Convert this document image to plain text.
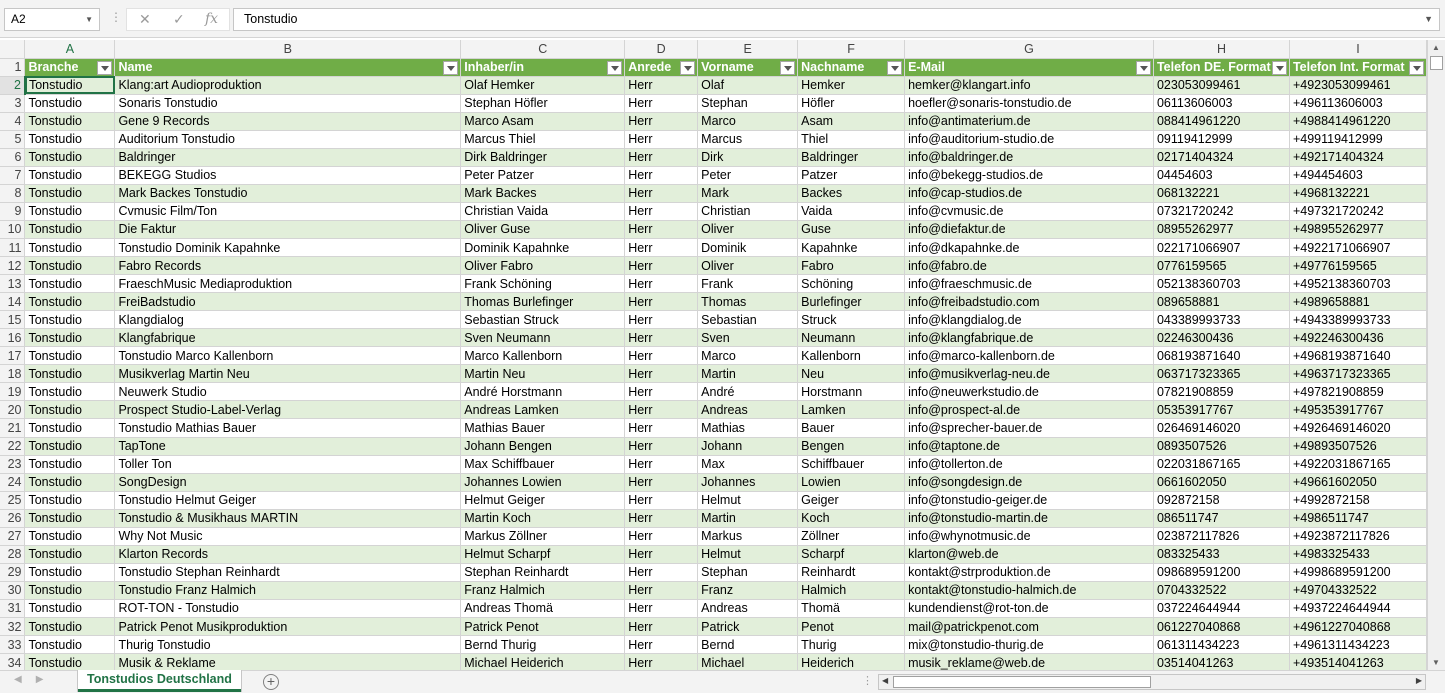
A2	▼ ⋮ ✕ ✓ fx	Tonstudio	▼
	A	B	C	D	E	F	G	H	I
1	Branche	Name	Inhaber/in	Anrede	Vorname	Nachname	E-Mail	Telefon DE. Format	Telefon Int. Format

2	Tonstudio	Klang:art Audioproduktion	Olaf Hemker	Herr	Olaf	Hemker	hemker@klangart.info	023053099461	+4923053099461
3	Tonstudio	Sonaris Tonstudio	Stephan Höfler	Herr	Stephan	Höfler	hoefler@sonaris-tonstudio.de	06113606003	+496113606003
4	Tonstudio	Gene 9 Records	Marco Asam	Herr	Marco	Asam	info@antimaterium.de	088414961220	+4988414961220
5	Tonstudio	Auditorium Tonstudio	Marcus Thiel	Herr	Marcus	Thiel	info@auditorium-studio.de	09119412999	+499119412999
6	Tonstudio	Baldringer	Dirk Baldringer	Herr	Dirk	Baldringer	info@baldringer.de	02171404324	+492171404324
7	Tonstudio	BEKEGG Studios	Peter Patzer	Herr	Peter	Patzer	info@bekegg-studios.de	04454603	+494454603
8	Tonstudio	Mark Backes Tonstudio	Mark Backes	Herr	Mark	Backes	info@cap-studios.de	068132221	+4968132221
9	Tonstudio	Cvmusic Film/Ton	Christian Vaida	Herr	Christian	Vaida	info@cvmusic.de	07321720242	+497321720242
10	Tonstudio	Die Faktur	Oliver Guse	Herr	Oliver	Guse	info@diefaktur.de	08955262977	+498955262977
11	Tonstudio	Tonstudio Dominik Kapahnke	Dominik Kapahnke	Herr	Dominik	Kapahnke	info@dkapahnke.de	022171066907	+4922171066907
12	Tonstudio	Fabro Records	Oliver Fabro	Herr	Oliver	Fabro	info@fabro.de	0776159565	+49776159565
13	Tonstudio	FraeschMusic Mediaproduktion	Frank Schöning	Herr	Frank	Schöning	info@fraeschmusic.de	052138360703	+4952138360703
14	Tonstudio	FreiBadstudio	Thomas Burlefinger	Herr	Thomas	Burlefinger	info@freibadstudio.com	089658881	+4989658881
15	Tonstudio	Klangdialog	Sebastian Struck	Herr	Sebastian	Struck	info@klangdialog.de	043389993733	+4943389993733
16	Tonstudio	Klangfabrique	Sven Neumann	Herr	Sven	Neumann	info@klangfabrique.de	02246300436	+492246300436
17	Tonstudio	Tonstudio Marco Kallenborn	Marco Kallenborn	Herr	Marco	Kallenborn	info@marco-kallenborn.de	068193871640	+4968193871640
18	Tonstudio	Musikverlag Martin Neu	Martin Neu	Herr	Martin	Neu	info@musikverlag-neu.de	063717323365	+4963717323365
19	Tonstudio	Neuwerk Studio	André Horstmann	Herr	André	Horstmann	info@neuwerkstudio.de	07821908859	+497821908859
20	Tonstudio	Prospect Studio-Label-Verlag	Andreas Lamken	Herr	Andreas	Lamken	info@prospect-al.de	05353917767	+495353917767
21	Tonstudio	Tonstudio Mathias Bauer	Mathias Bauer	Herr	Mathias	Bauer	info@sprecher-bauer.de	026469146020	+4926469146020
22	Tonstudio	TapTone	Johann Bengen	Herr	Johann	Bengen	info@taptone.de	0893507526	+49893507526
23	Tonstudio	Toller Ton	Max Schiffbauer	Herr	Max	Schiffbauer	info@tollerton.de	022031867165	+4922031867165
24	Tonstudio	SongDesign	Johannes Lowien	Herr	Johannes	Lowien	info@songdesign.de	0661602050	+49661602050
25	Tonstudio	Tonstudio Helmut Geiger	Helmut Geiger	Herr	Helmut	Geiger	info@tonstudio-geiger.de	092872158	+4992872158
26	Tonstudio	Tonstudio & Musikhaus MARTIN	Martin Koch	Herr	Martin	Koch	info@tonstudio-martin.de	086511747	+4986511747
27	Tonstudio	Why Not Music	Markus Zöllner	Herr	Markus	Zöllner	info@whynotmusic.de	023872117826	+4923872117826
28	Tonstudio	Klarton Records	Helmut Scharpf	Herr	Helmut	Scharpf	klarton@web.de	083325433	+4983325433
29	Tonstudio	Tonstudio Stephan Reinhardt	Stephan Reinhardt	Herr	Stephan	Reinhardt	kontakt@strproduktion.de	098689591200	+4998689591200
30	Tonstudio	Tonstudio Franz Halmich	Franz Halmich	Herr	Franz	Halmich	kontakt@tonstudio-halmich.de	0704332522	+49704332522
31	Tonstudio	ROT-TON - Tonstudio	Andreas Thomä	Herr	Andreas	Thomä	kundendienst@rot-ton.de	037224644944	+4937224644944
32	Tonstudio	Patrick Penot Musikproduktion	Patrick Penot	Herr	Patrick	Penot	mail@patrickpenot.com	061227040868	+4961227040868
33	Tonstudio	Thurig Tonstudio	Bernd Thurig	Herr	Bernd	Thurig	mix@tonstudio-thurig.de	061311434223	+4961311434223
34	Tonstudio	Musik & Reklame	Michael Heiderich	Herr	Michael	Heiderich	musik_reklame@web.de	03514041263	+493514041263
▲
▼
◀▶	Tonstudios Deutschland	+	⋮ ◀	▶
